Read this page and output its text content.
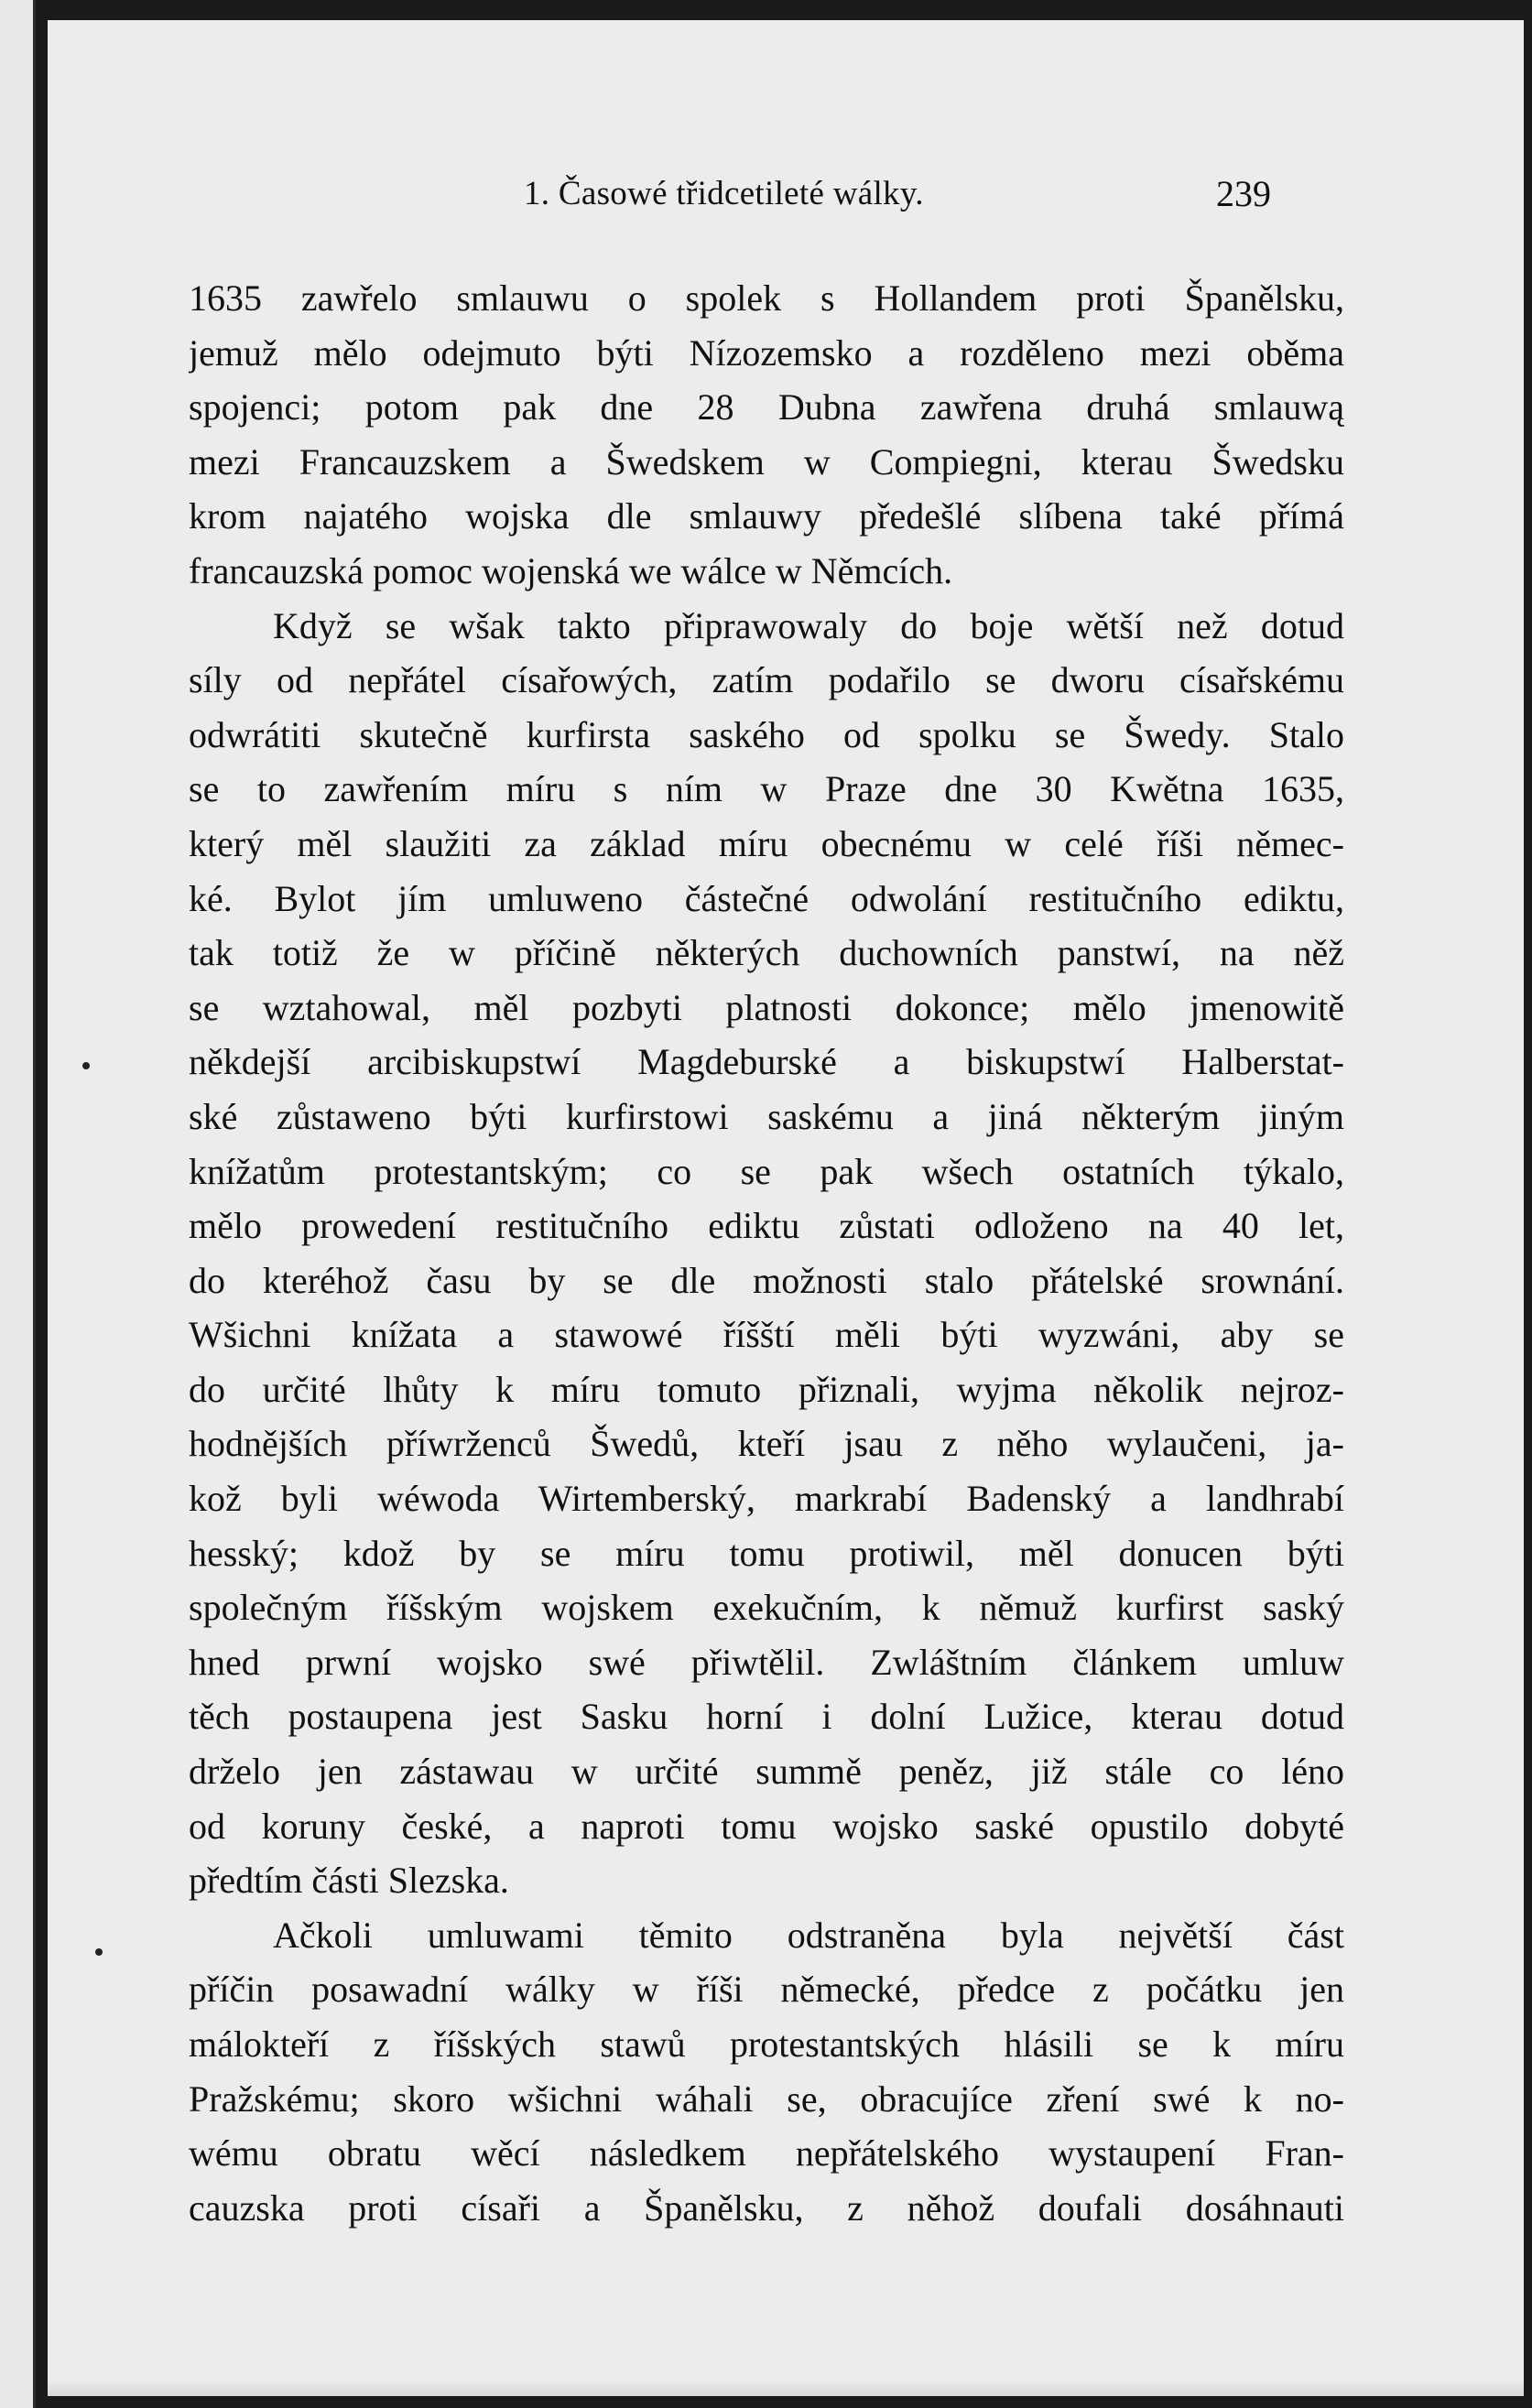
1. Časowé třidcetileté wálky.	239

1635 zawřelo smlauwu o spolek s Hollandem proti Španělsku,
jemuž mělo odejmuto býti Nízozemsko a rozděleno mezi oběma
spojenci; potom pak dne 28 Dubna zawřena druhá smlauwą
mezi Francauzskem a Šwedskem w Compiegni, kterau Šwedsku
krom najatého wojska dle smlauwy předešlé slíbena také přímá
francauzská pomoc wojenská we wálce w Němcích.

Když se wšak takto připrawowaly do boje wětší než dotud
síly od nepřátel císařowých, zatím podařilo se dworu císařskému
odwrátiti skutečně kurfirsta saského od spolku se Šwedy. Stalo
se to zawřením míru s ním w Praze dne 30 Kwětna 1635,
který měl slaužiti za základ míru obecnému w celé říši němec-
ké. Bylot jím umluweno částečné odwolání restitučního ediktu,
tak totiž že w příčině některých duchowních panstwí, na něž
se wztahowal, měl pozbyti platnosti dokonce; mělo jmenowitě
někdejší arcibiskupstwí Magdeburské a biskupstwí Halberstat-
ské zůstaweno býti kurfirstowi saskému a jiná některým jiným
knížatům protestantským; co se pak wšech ostatních týkalo,
mělo prowedení restitučního ediktu zůstati odloženo na 40 let,
do kteréhož času by se dle možnosti stalo přátelské srownání.
Wšichni knížata a stawowé říšští měli býti wyzwáni, aby se
do určité lhůty k míru tomuto přiznali, wyjma několik nejroz-
hodnějších příwrženců Šwedů, kteří jsau z něho wylaučeni, ja-
kož byli wéwoda Wirtemberský, markrabí Badenský a landhrabí
hesský; kdož by se míru tomu protiwil, měl donucen býti
společným říšským wojskem exekučním, k němuž kurfirst saský
hned prwní wojsko swé přiwtělil. Zwláštním článkem umluw
těch postaupena jest Sasku horní i dolní Lužice, kterau dotud
drželo jen zástawau w určité summě peněz, již stále co léno
od koruny české, a naproti tomu wojsko saské opustilo dobyté
předtím části Slezska.

Ačkoli umluwami těmito odstraněna byla největší část
příčin posawadní wálky w říši německé, předce z počátku jen
málokteří z říšských stawů protestantských hlásili se k míru
Pražskému; skoro wšichni wáhali se, obracujíce zření swé k no-
wému obratu wěcí následkem nepřátelského wystaupení Fran-
cauzska proti císaři a Španělsku, z něhož doufali dosáhnauti
